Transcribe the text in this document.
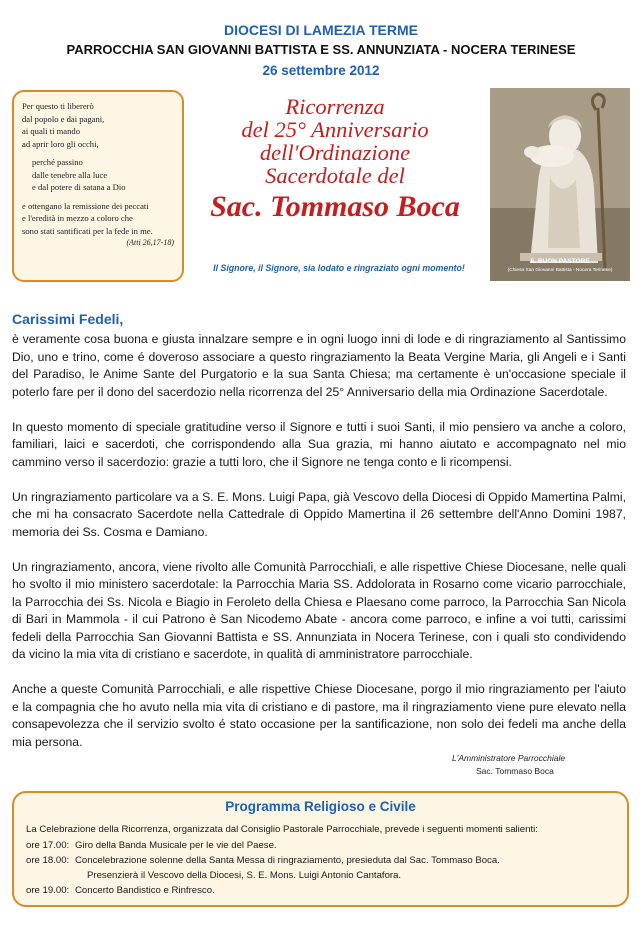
DIOCESI DI LAMEZIA TERME
PARROCCHIA SAN GIOVANNI BATTISTA E SS. ANNUNZIATA - NOCERA TERINESE
26 settembre 2012
Per questo ti libererò
dal popolo e dai pagani,
ai quali ti mando
ad aprir loro gli occhi,
perché passino
dalle tenebre alla luce
e dal potere di satana a Dio
e ottengano la remissione dei peccati
e l'eredità in mezzo a coloro che
sono stati santificati per la fede in me.
(Atti 26,17-18)
Ricorrenza
del 25° Anniversario
dell'Ordinazione
Sacerdotale del
Sac. Tommaso Boca
Il Signore, il Signore, sia lodato e ringraziato ogni momento!
IL BUON PASTORE
(Chiesa San Giovanni Battista - Nocera Terinese)
Carissimi Fedeli,

è veramente cosa buona e giusta innalzare sempre e in ogni luogo inni di lode e di ringraziamento al Santissimo Dio, uno e trino, come é doveroso associare a questo ringraziamento la Beata Vergine Maria, gli Angeli e i Santi del Paradiso, le Anime Sante del Purgatorio e la sua Santa Chiesa; ma certamente è un'occasione speciale il poterlo fare per il dono del sacerdozio nella ricorrenza del 25° Anniversario della mia Ordinazione Sacerdotale.

In questo momento di speciale gratitudine verso il Signore e tutti i suoi Santi, il mio pensiero va anche a coloro, familiari, laici e sacerdoti, che corrispondendo alla Sua grazia, mi hanno aiutato e accompagnato nel mio cammino verso il sacerdozio: grazie a tutti loro, che il Signore ne tenga conto e li ricompensi.

Un ringraziamento particolare va a S. E. Mons. Luigi Papa, già Vescovo della Diocesi di Oppido Mamertina Palmi, che mi ha consacrato Sacerdote nella Cattedrale di Oppido Mamertina il 26 settembre dell'Anno Domini 1987, memoria dei Ss. Cosma e Damiano.

Un ringraziamento, ancora, viene rivolto alle Comunità Parrocchiali, e alle rispettive Chiese Diocesane, nelle quali ho svolto il mio ministero sacerdotale: la Parrocchia Maria SS. Addolorata in Rosarno come vicario parrocchiale, la Parrocchia dei Ss. Nicola e Biagio in Feroleto della Chiesa e Plaesano come parroco, la Parrocchia San Nicola di Bari in Mammola - il cui Patrono è San Nicodemo Abate - ancora come parroco, e infine a voi tutti, carissimi fedeli della Parrocchia San Giovanni Battista e SS. Annunziata in Nocera Terinese, con i quali sto condividendo da vicino la mia vita di cristiano e sacerdote, in qualità di amministratore parrocchiale.

Anche a queste Comunità Parrocchiali, e alle rispettive Chiese Diocesane, porgo il mio ringraziamento per l'aiuto e la compagnia che ho avuto nella mia vita di cristiano e di pastore, ma il ringraziamento viene pure elevato nella consapevolezza che il servizio svolto é stato occasione per la santificazione, non solo dei fedeli ma anche della mia persona.

L'Amministratore Parrocchiale
Sac. Tommaso Boca
Programma Religioso e Civile
La Celebrazione della Ricorrenza, organizzata dal Consiglio Pastorale Parrocchiale, prevede i seguenti momenti salienti:
ore 17.00: Giro della Banda Musicale per le vie del Paese.
ore 18.00: Concelebrazione solenne della Santa Messa di ringraziamento, presieduta dal Sac. Tommaso Boca.
Presenzierà il Vescovo della Diocesi, S. E. Mons. Luigi Antonio Cantafora.
ore 19.00: Concerto Bandistico e Rinfresco.
